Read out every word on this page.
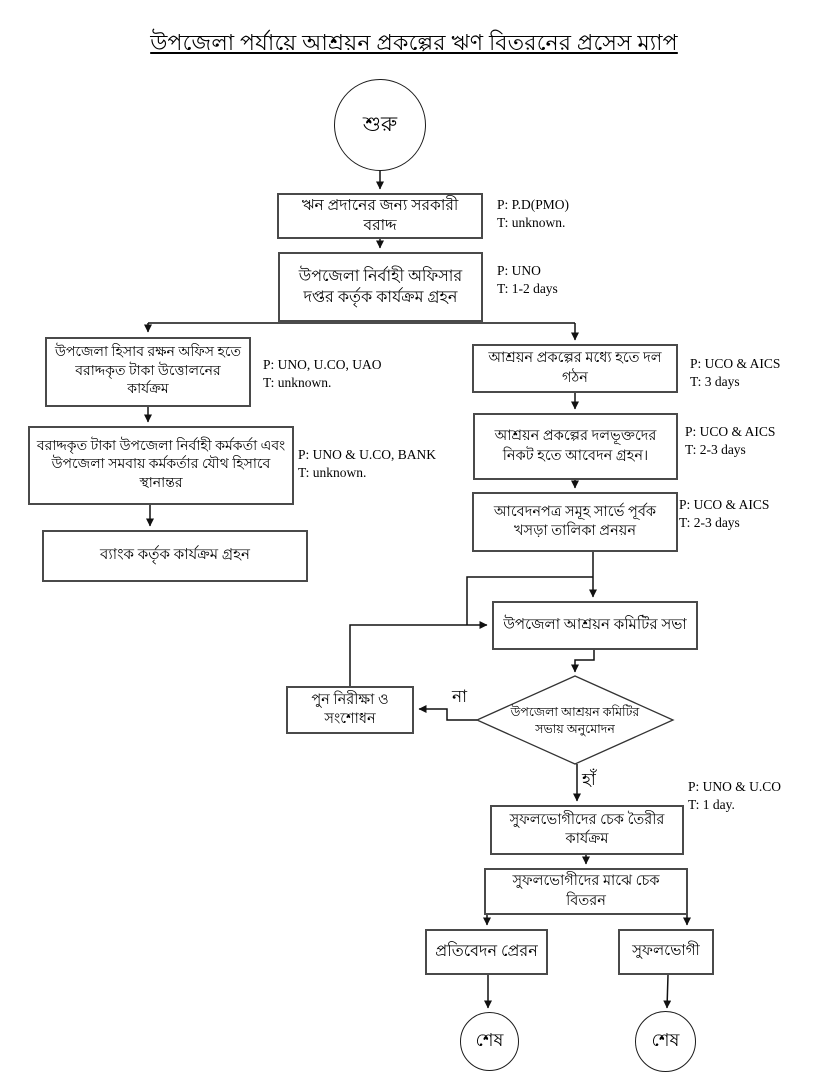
উপজেলা পর্যায়ে আশ্রয়ন প্রকল্পের ঋণ বিতরনের প্রসেস ম্যাপ
শুরু
ঋন প্রদানের জন্য সরকারী বরাদ্দ
P: P.D(PMO)
T: unknown.
উপজেলা নির্বাহী অফিসার দপ্তর কর্তৃক কার্যক্রম গ্রহন
P: UNO
T: 1-2 days
উপজেলা হিসাব রক্ষন অফিস হতে বরাদ্দকৃত টাকা উত্তোলনের কার্যক্রম
P: UNO, U.CO, UAO
T: unknown.
বরাদ্দকৃত টাকা উপজেলা নির্বাহী কর্মকর্তা এবং উপজেলা সমবায় কর্মকর্তার যৌথ হিসাবে স্থানান্তর
P: UNO & U.CO, BANK
T: unknown.
ব্যাংক কর্তৃক কার্যক্রম গ্রহন
আশ্রয়ন প্রকল্পের মধ্যে হতে দল গঠন
P: UCO & AICS
T: 3 days
আশ্রয়ন প্রকল্পের দলভূক্তদের নিকট হতে আবেদন গ্রহন।
P: UCO & AICS
T: 2-3 days
আবেদনপত্র সমূহ সার্ভে পূর্বক খসড়া তালিকা প্রনয়ন
P: UCO & AICS
T: 2-3 days
উপজেলা আশ্রয়ন কমিটির সভা
পুন নিরীক্ষা ও সংশোধন
না
উপজেলা আশ্রয়ন কমিটির সভায় অনুমোদন
হাঁ	P: UNO & U.CO
T: 1 day.
সুফলভোগীদের চেক তৈরীর কার্যক্রম
সুফলভোগীদের মাঝে চেক বিতরন
প্রতিবেদন প্রেরন	সুফলভোগী
শেষ	শেষ
